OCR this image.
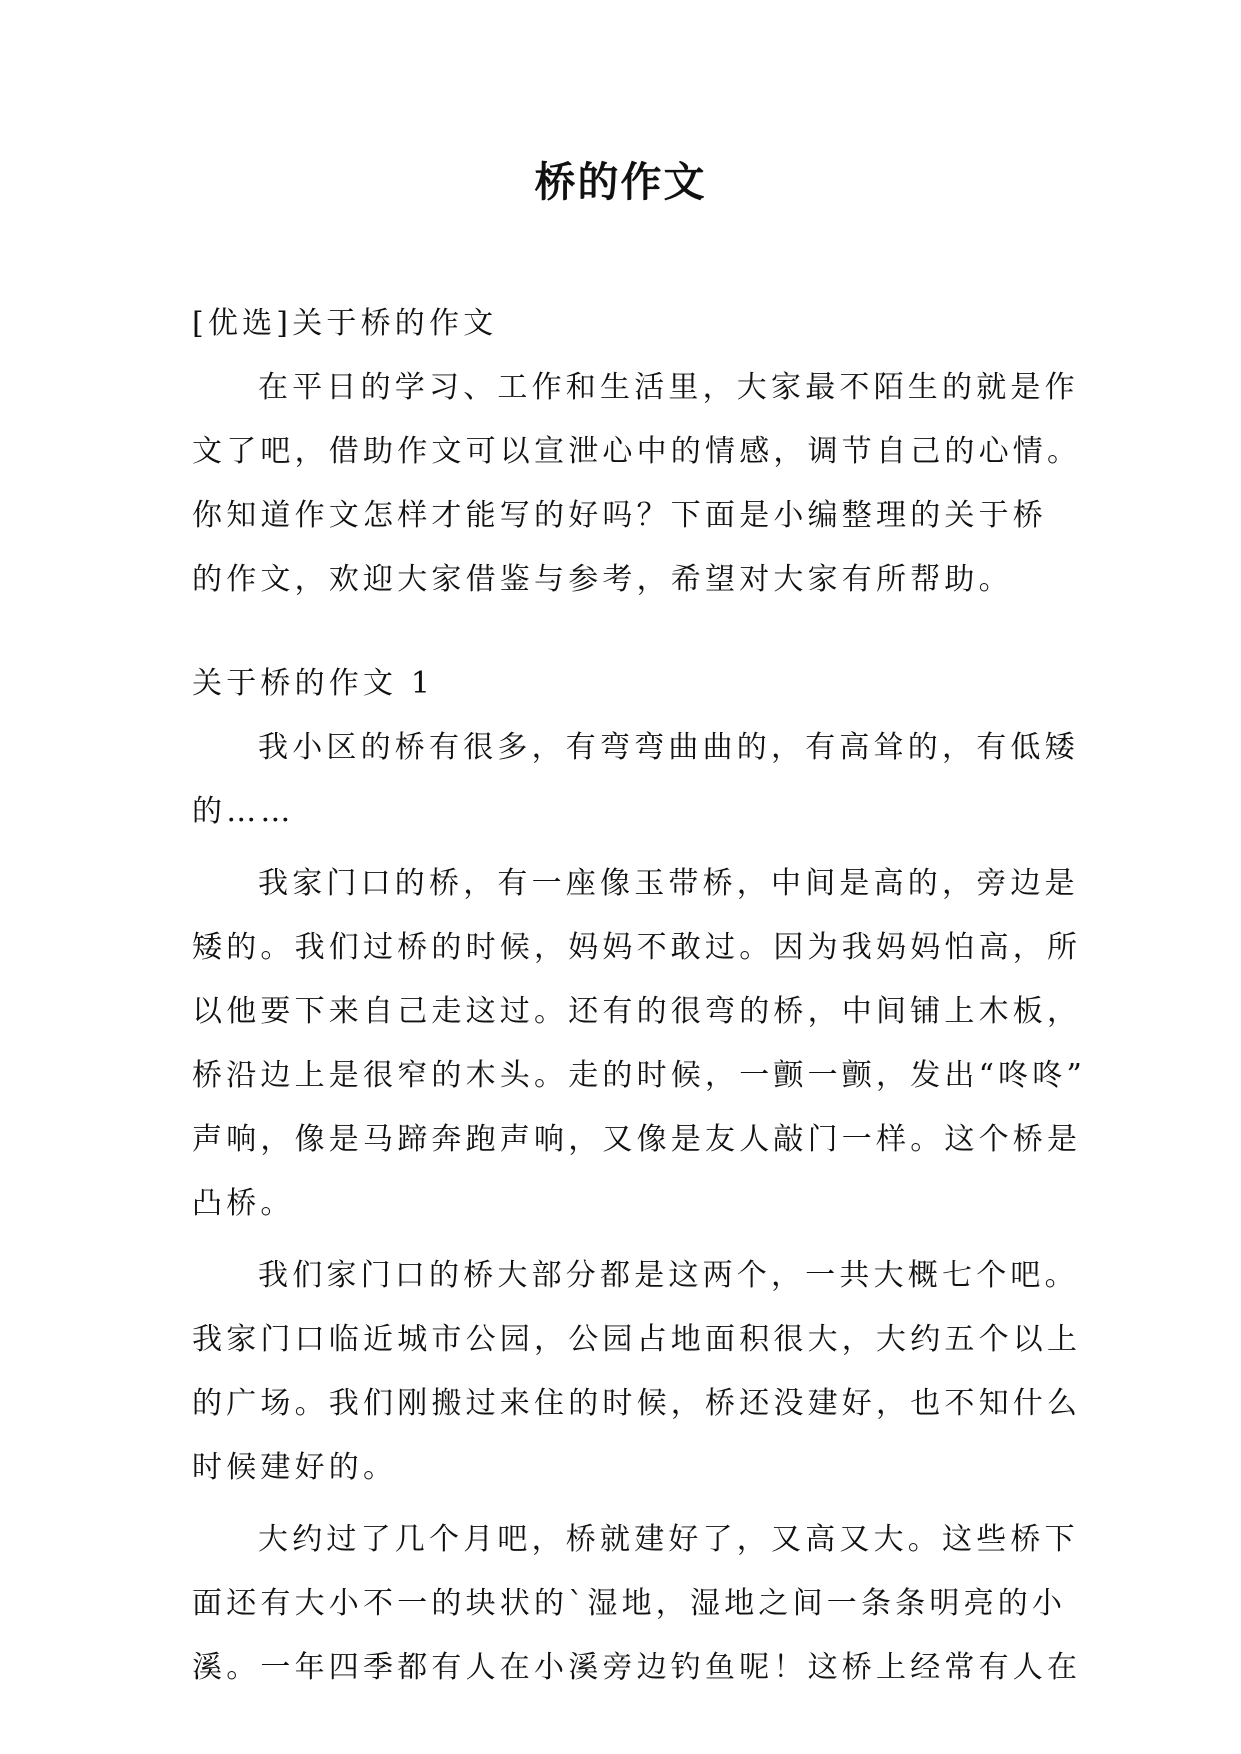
桥的作文
[优选]关于桥的作文
在平日的学习、工作和生活里，大家最不陌生的就是作
文了吧，借助作文可以宣泄心中的情感，调节自己的心情。
你知道作文怎样才能写的好吗？下面是小编整理的关于桥
的作文，欢迎大家借鉴与参考，希望对大家有所帮助。
关于桥的作文 1
我小区的桥有很多，有弯弯曲曲的，有高耸的，有低矮
的……
我家门口的桥，有一座像玉带桥，中间是高的，旁边是
矮的。我们过桥的时候，妈妈不敢过。因为我妈妈怕高，所
以他要下来自己走这过。还有的很弯的桥，中间铺上木板，
桥沿边上是很窄的木头。走的时候，一颤一颤，发出“咚咚”
声响，像是马蹄奔跑声响，又像是友人敲门一样。这个桥是
凸桥。
我们家门口的桥大部分都是这两个，一共大概七个吧。
我家门口临近城市公园，公园占地面积很大，大约五个以上
的广场。我们刚搬过来住的时候，桥还没建好，也不知什么
时候建好的。
大约过了几个月吧，桥就建好了，又高又大。这些桥下
面还有大小不一的块状的`湿地，湿地之间一条条明亮的小
溪。一年四季都有人在小溪旁边钓鱼呢！这桥上经常有人在
